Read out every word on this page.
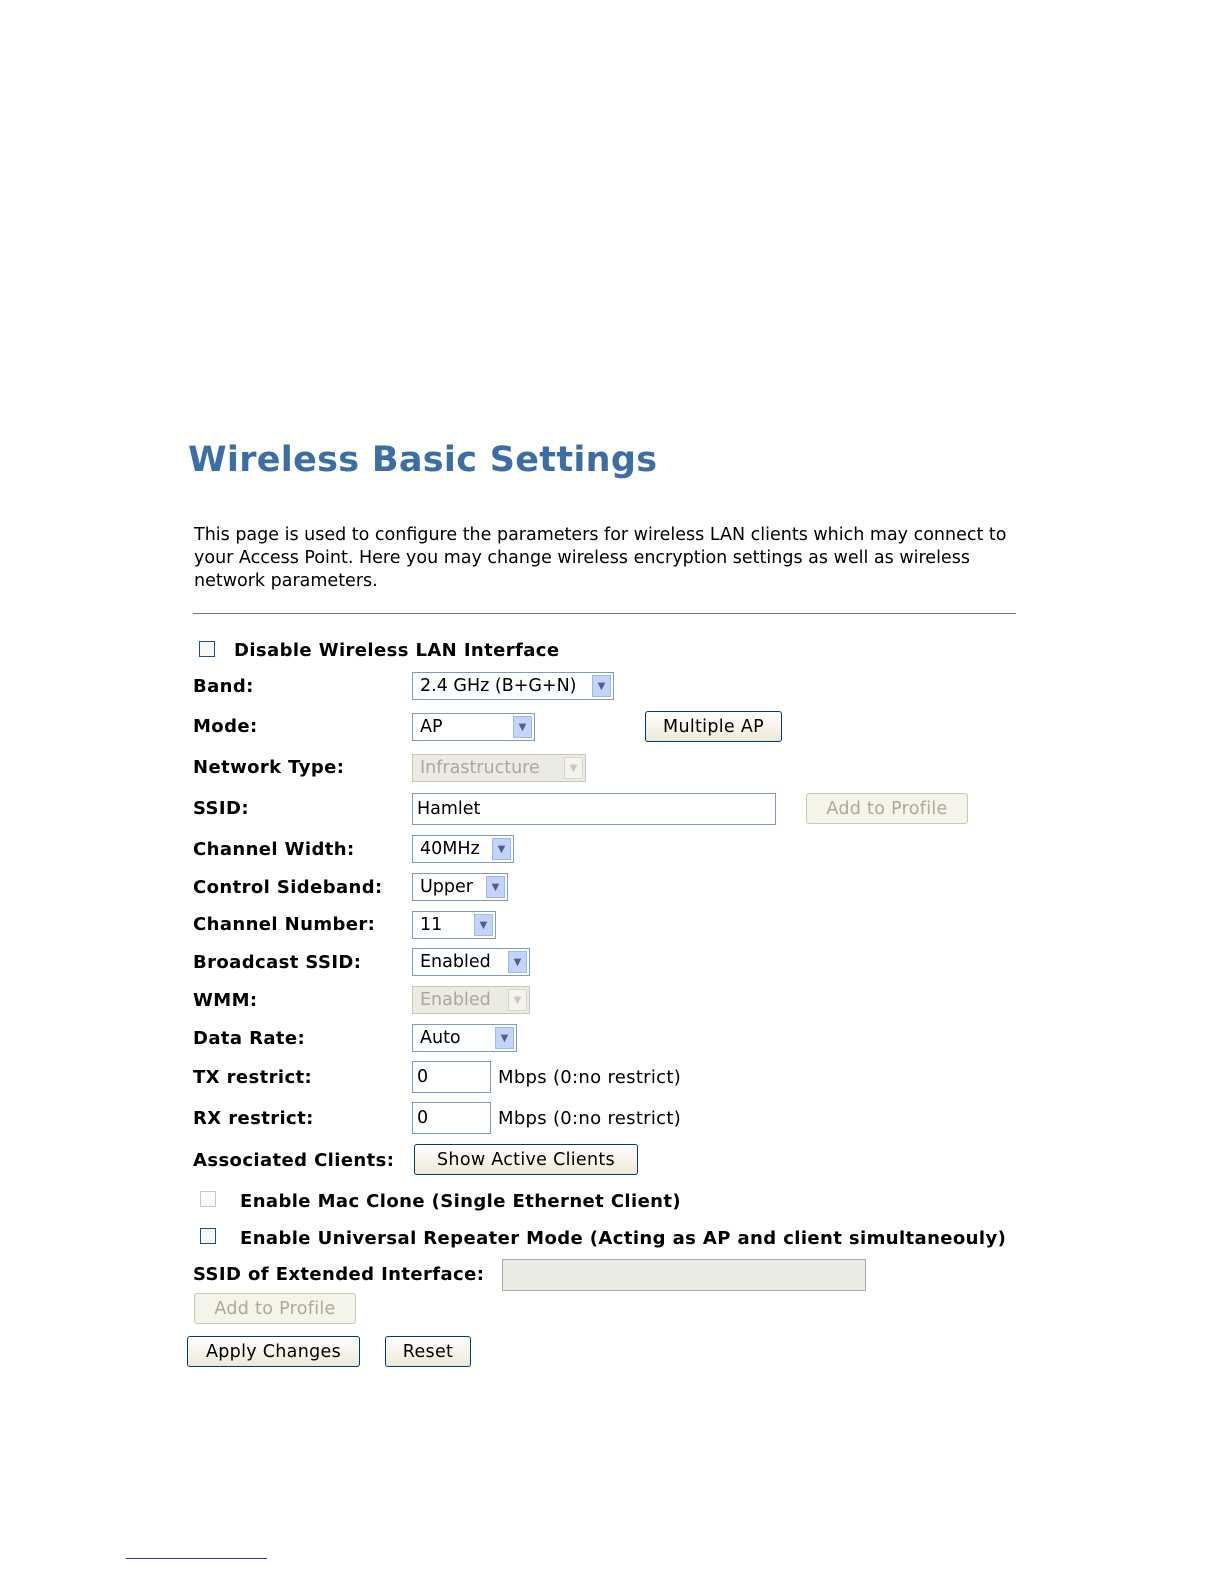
Wireless Basic Settings
This page is used to configure the parameters for wireless LAN clients which may connect to your Access Point. Here you may change wireless encryption settings as well as wireless network parameters.
Disable Wireless LAN Interface
Band:	2.4 GHz (B+G+N)	▼
Mode:	AP	▼	Multiple AP
Network Type:	Infrastructure	▼
SSID:	Hamlet	Add to Profile
Channel Width:	40MHz	▼
Control Sideband: Upper	▼
Channel Number:	11	▼
Broadcast SSID:	Enabled	▼
WMM:	Enabled	▼
Data Rate:	Auto	▼
TX restrict:	0	Mbps (0:no restrict)
RX restrict:	0	Mbps (0:no restrict)
Associated Clients:	Show Active Clients
Enable Mac Clone (Single Ethernet Client)
Enable Universal Repeater Mode (Acting as AP and client simultaneouly)
SSID of Extended Interface:
Add to Profile
Apply Changes	Reset
